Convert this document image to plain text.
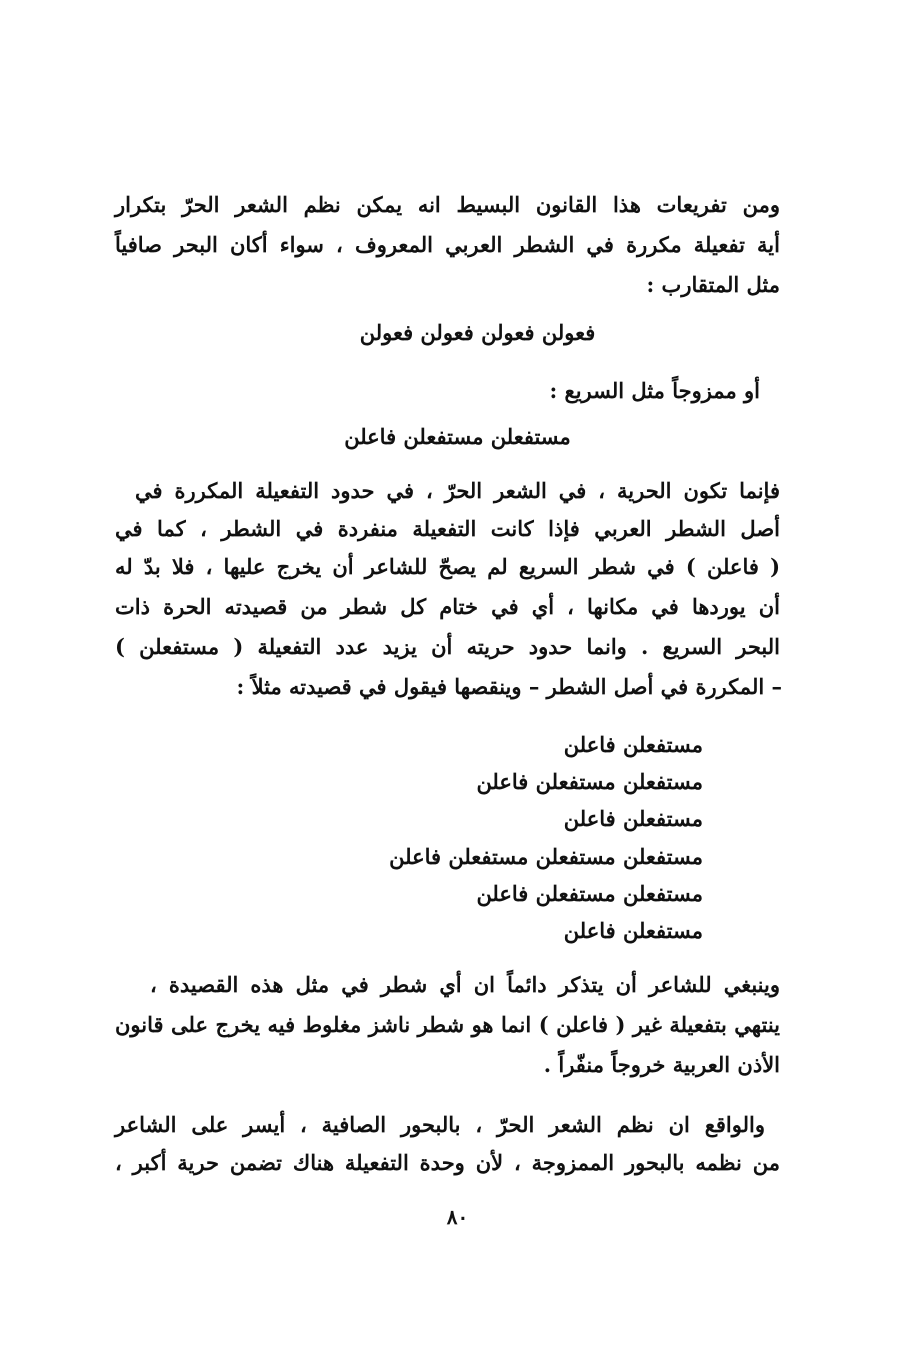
ومن تفريعات هذا القانون البسيط انه يمكن نظم الشعر الحرّ بتكرار
أية تفعيلة مكررة في الشطر العربي المعروف ، سواء أكان البحر صافياً
مثل المتقارب :
فعولن فعولن فعولن فعولن
أو ممزوجاً مثل السريع :
مستفعلن مستفعلن فاعلن
فإنما تكون الحرية ، في الشعر الحرّ ، في حدود التفعيلة المكررة في
أصل الشطر العربي فإذا كانت التفعيلة منفردة في الشطر ، كما في
( فاعلن ) في شطر السريع لم يصحّ للشاعر أن يخرج عليها ، فلا بدّ له
أن يوردها في مكانها ، أي في ختام كل شطر من قصيدته الحرة ذات
البحر السريع . وانما حدود حريته أن يزيد عدد التفعيلة ( مستفعلن )
– المكررة في أصل الشطر – وينقصها فيقول في قصيدته مثلاً :
مستفعلن فاعلن
مستفعلن مستفعلن فاعلن
مستفعلن فاعلن
مستفعلن مستفعلن مستفعلن فاعلن
مستفعلن مستفعلن فاعلن
مستفعلن فاعلن
وينبغي للشاعر أن يتذكر دائماً ان أي شطر في مثل هذه القصيدة ،
ينتهي بتفعيلة غير ( فاعلن ) انما هو شطر ناشز مغلوط فيه يخرج على قانون
الأذن العربية خروجاً منفّراً .
والواقع ان نظم الشعر الحرّ ، بالبحور الصافية ، أيسر على الشاعر
من نظمه بالبحور الممزوجة ، لأن وحدة التفعيلة هناك تضمن حرية أكبر ،
٨٠
